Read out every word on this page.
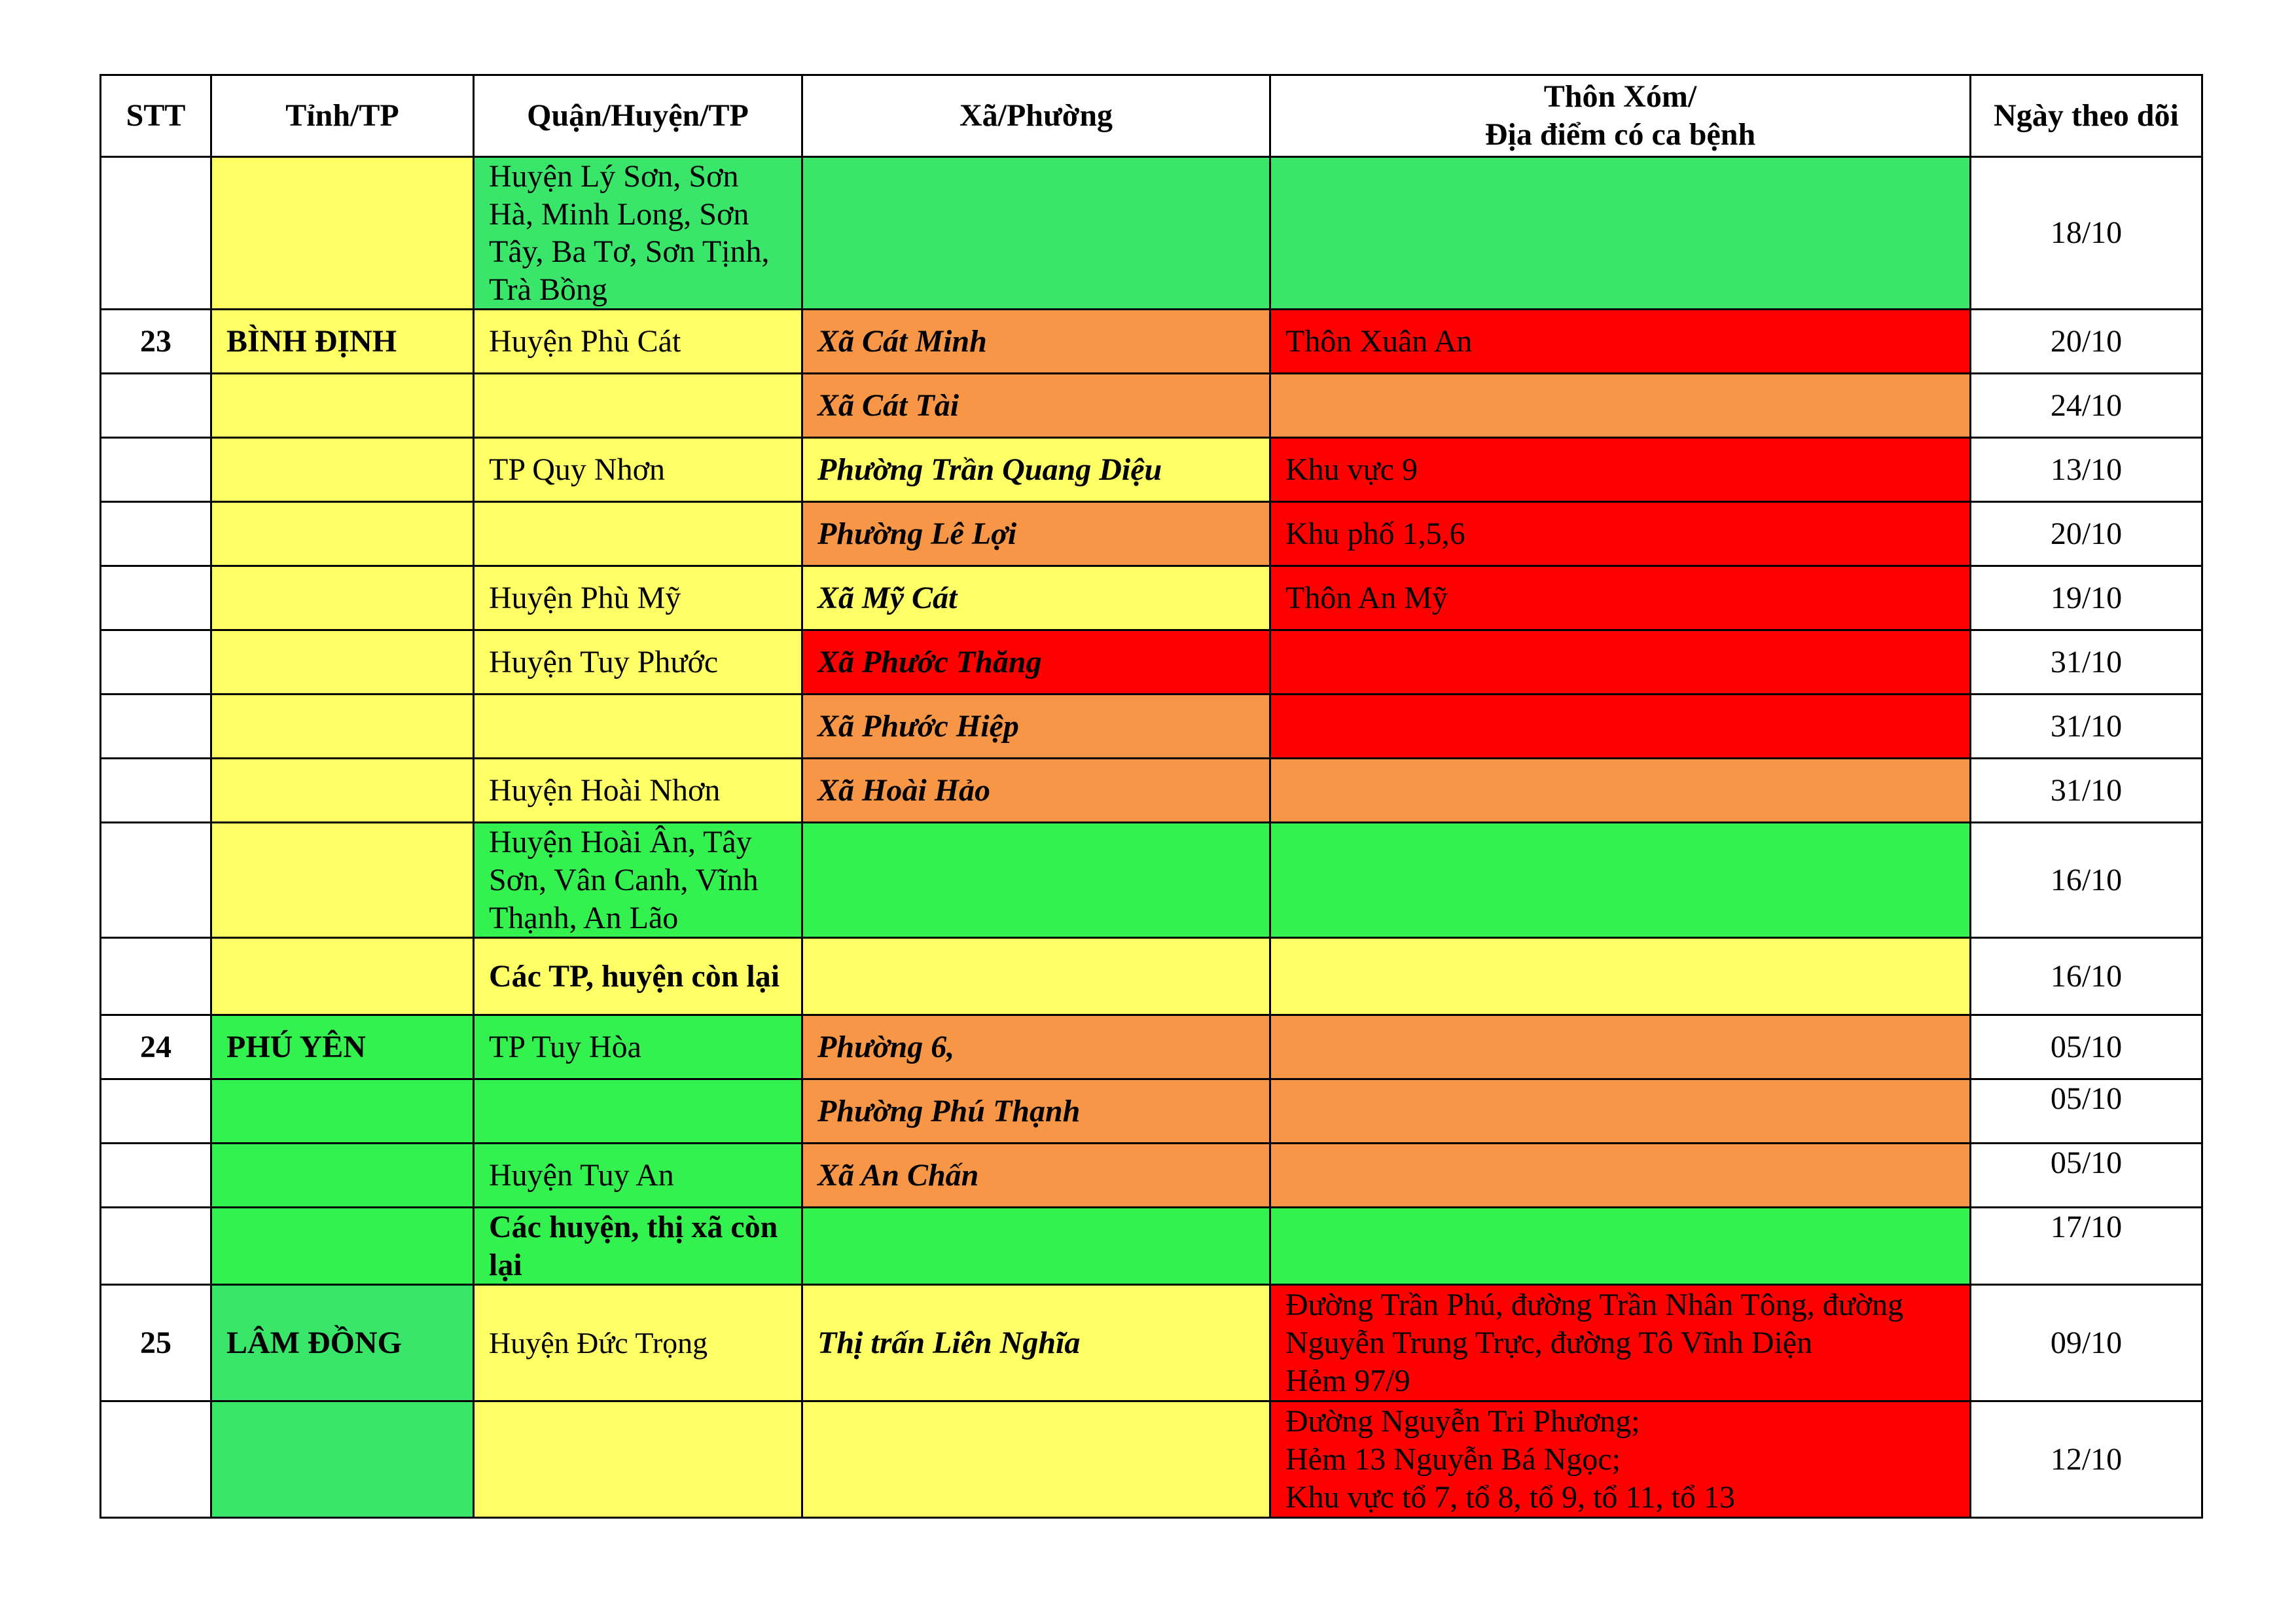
STT	Tỉnh/TP	Quận/Huyện/TP	Xã/Phường	Thôn Xóm/
Địa điểm có ca bệnh	Ngày theo dõi
		Huyện Lý Sơn, Sơn Hà, Minh Long, Sơn Tây, Ba Tơ, Sơn Tịnh, Trà Bồng			18/10
23	BÌNH ĐỊNH	Huyện Phù Cát	Xã Cát Minh	Thôn Xuân An	20/10
			Xã Cát Tài		24/10
		TP Quy Nhơn	Phường Trần Quang Diệu	Khu vực 9	13/10
			Phường Lê Lợi	Khu phố 1,5,6	20/10
		Huyện Phù Mỹ	Xã Mỹ Cát	Thôn An Mỹ	19/10
		Huyện Tuy Phước	Xã Phước Thăng		31/10
			Xã Phước Hiệp		31/10
		Huyện Hoài Nhơn	Xã Hoài Hảo		31/10
		Huyện Hoài Ân, Tây Sơn, Vân Canh, Vĩnh Thạnh, An Lão			16/10
		Các TP, huyện còn lại			16/10
24	PHÚ YÊN	TP Tuy Hòa	Phường 6,		05/10
			Phường Phú Thạnh		05/10
		Huyện Tuy An	Xã An Chấn		05/10
		Các huyện, thị xã còn lại			17/10
25	LÂM ĐỒNG	Huyện Đức Trọng	Thị trấn Liên Nghĩa	Đường Trần Phú, đường Trần Nhân Tông, đường Nguyễn Trung Trực, đường Tô Vĩnh Diện
Hẻm 97/9	09/10

				Đường Nguyễn Tri Phương;
Hẻm 13 Nguyễn Bá Ngọc;
Khu vực tổ 7, tổ 8, tổ 9, tổ 11, tổ 13	12/10
